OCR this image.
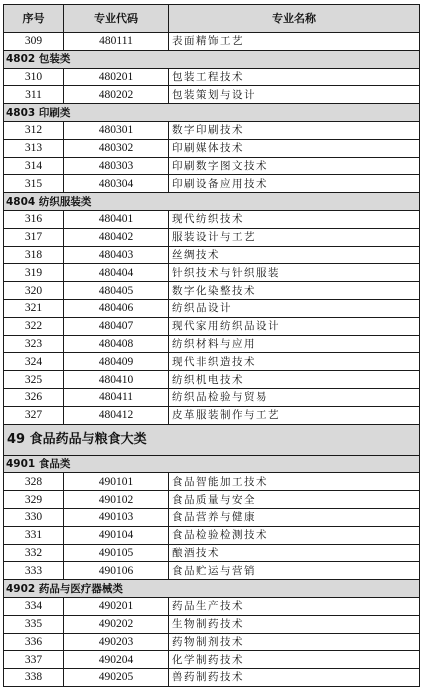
序号	专业代码	专业名称
309	480111	表面精饰工艺
4802 包装类		
310	480201	包装工程技术
311	480202	包装策划与设计
4803 印刷类		
312	480301	数字印刷技术
313	480302	印刷媒体技术
314	480303	印刷数字图文技术
315	480304	印刷设备应用技术
4804 纺织服装类		
316	480401	现代纺织技术
317	480402	服装设计与工艺
318	480403	丝绸技术
319	480404	针织技术与针织服装
320	480405	数字化染整技术
321	480406	纺织品设计
322	480407	现代家用纺织品设计
323	480408	纺织材料与应用
324	480409	现代非织造技术
325	480410	纺织机电技术
326	480411	纺织品检验与贸易
327	480412	皮革服装制作与工艺
49 食品药品与粮食大类		
4901 食品类		
328	490101	食品智能加工技术
329	490102	食品质量与安全
330	490103	食品营养与健康
331	490104	食品检验检测技术
332	490105	酿酒技术
333	490106	食品贮运与营销
4902 药品与医疗器械类		
334	490201	药品生产技术
335	490202	生物制药技术
336	490203	药物制剂技术
337	490204	化学制药技术
338	490205	兽药制药技术
